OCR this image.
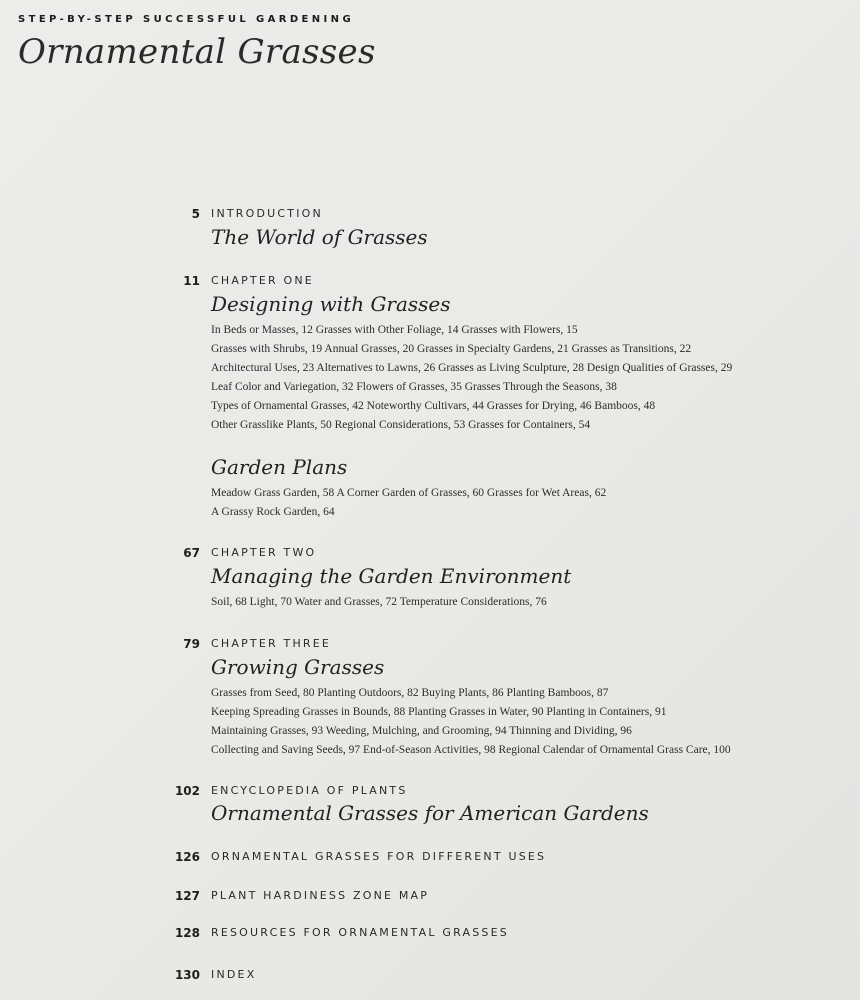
STEP-BY-STEP SUCCESSFUL GARDENING
Ornamental Grasses
5 INTRODUCTION
The World of Grasses
11 CHAPTER ONE
Designing with Grasses
In Beds or Masses, 12 Grasses with Other Foliage, 14 Grasses with Flowers, 15
Grasses with Shrubs, 19 Annual Grasses, 20 Grasses in Specialty Gardens, 21 Grasses as Transitions, 22
Architectural Uses, 23 Alternatives to Lawns, 26 Grasses as Living Sculpture, 28 Design Qualities of Grasses, 29
Leaf Color and Variegation, 32 Flowers of Grasses, 35 Grasses Through the Seasons, 38
Types of Ornamental Grasses, 42 Noteworthy Cultivars, 44 Grasses for Drying, 46 Bamboos, 48
Other Grasslike Plants, 50 Regional Considerations, 53 Grasses for Containers, 54
Garden Plans
Meadow Grass Garden, 58 A Corner Garden of Grasses, 60 Grasses for Wet Areas, 62
A Grassy Rock Garden, 64
67 CHAPTER TWO
Managing the Garden Environment
Soil, 68 Light, 70 Water and Grasses, 72 Temperature Considerations, 76
79 CHAPTER THREE
Growing Grasses
Grasses from Seed, 80 Planting Outdoors, 82 Buying Plants, 86 Planting Bamboos, 87
Keeping Spreading Grasses in Bounds, 88 Planting Grasses in Water, 90 Planting in Containers, 91
Maintaining Grasses, 93 Weeding, Mulching, and Grooming, 94 Thinning and Dividing, 96
Collecting and Saving Seeds, 97 End-of-Season Activities, 98 Regional Calendar of Ornamental Grass Care, 100
102 ENCYCLOPEDIA OF PLANTS
Ornamental Grasses for American Gardens
126 ORNAMENTAL GRASSES FOR DIFFERENT USES
127 PLANT HARDINESS ZONE MAP
128 RESOURCES FOR ORNAMENTAL GRASSES
130 INDEX
